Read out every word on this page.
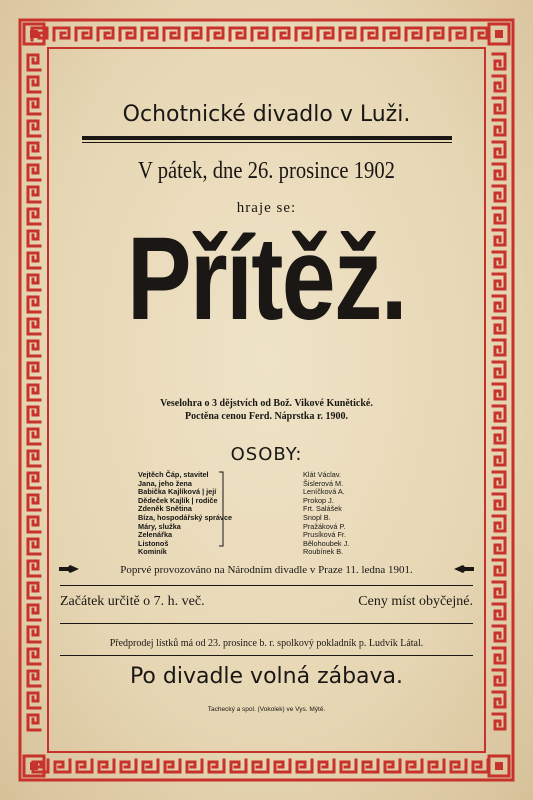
Ochotnické divadlo v Luži.
V pátek, dne 26. prosince 1902
hraje se:
Přítěž.
Veselohra o 3 dějstvích od Bož. Vikové Kunětické.
Poctěna cenou Ferd. Náprstka r. 1900.
OSOBY:
Vejtěch Čáp, stavitel	Klát Václav.
Jana, jeho žena	Šislerová M.
Babička Kajlíková | její	Leníčková A.
Dědeček Kajlík | rodiče	Prokop J.
Zdeněk Snětina	Frt. Salášek
Bíza, hospodářský správce	Snopl B.
Máry, služka	Pražáková P.
Zelenářka	Prusíková Fr.
Listonoš	Bělohoubek J.
Kominík	Roubínek B.
Poprvé provozováno na Národním divadle v Praze 11. ledna 1901.
Začátek určitě o 7. h. več.	Ceny míst obyčejné.
Předprodej lístků má od 23. prosince b. r. spolkový pokladník p. Ludvík Látal.
Po divadle volná zábava.
Tachecký a spol. (Vokolek) ve Vys. Mýtě.
